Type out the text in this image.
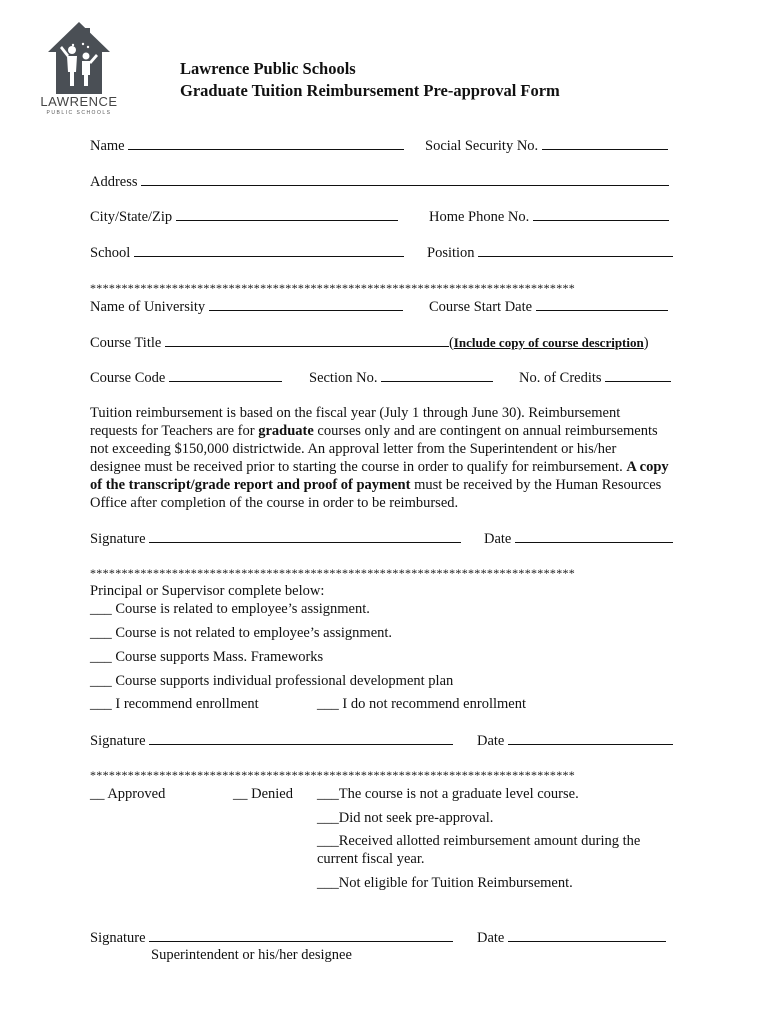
LAWRENCE
PUBLIC SCHOOLS
Lawrence Public Schools
Graduate Tuition Reimbursement Pre-approval Form
Name	Social Security No.
Address
City/State/Zip	Home Phone No.
School	Position
*****************************************************************************
Name of University	Course Start Date
Course Title	(Include copy of course description)
Course Code	Section No.	No. of Credits
Tuition reimbursement is based on the fiscal year (July 1 through June 30). Reimbursement requests for Teachers are for graduate courses only and are contingent on annual reimbursements not exceeding $150,000 districtwide. An approval letter from the Superintendent or his/her designee must be received prior to starting the course in order to qualify for reimbursement. A copy of the transcript/grade report and proof of payment must be received by the Human Resources Office after completion of the course in order to be reimbursed.
Signature	Date
*****************************************************************************
Principal or Supervisor complete below:
___ Course is related to employee’s assignment.
___ Course is not related to employee’s assignment.
___ Course supports Mass. Frameworks
___ Course supports individual professional development plan
___ I recommend enrollment	___ I do not recommend enrollment
Signature	Date
*****************************************************************************
__ Approved	__ Denied ___The course is not a graduate level course.
___Did not seek pre-approval.
___Received allotted reimbursement amount during the
current fiscal year.
___Not eligible for Tuition Reimbursement.
Signature	Date
Superintendent or his/her designee
